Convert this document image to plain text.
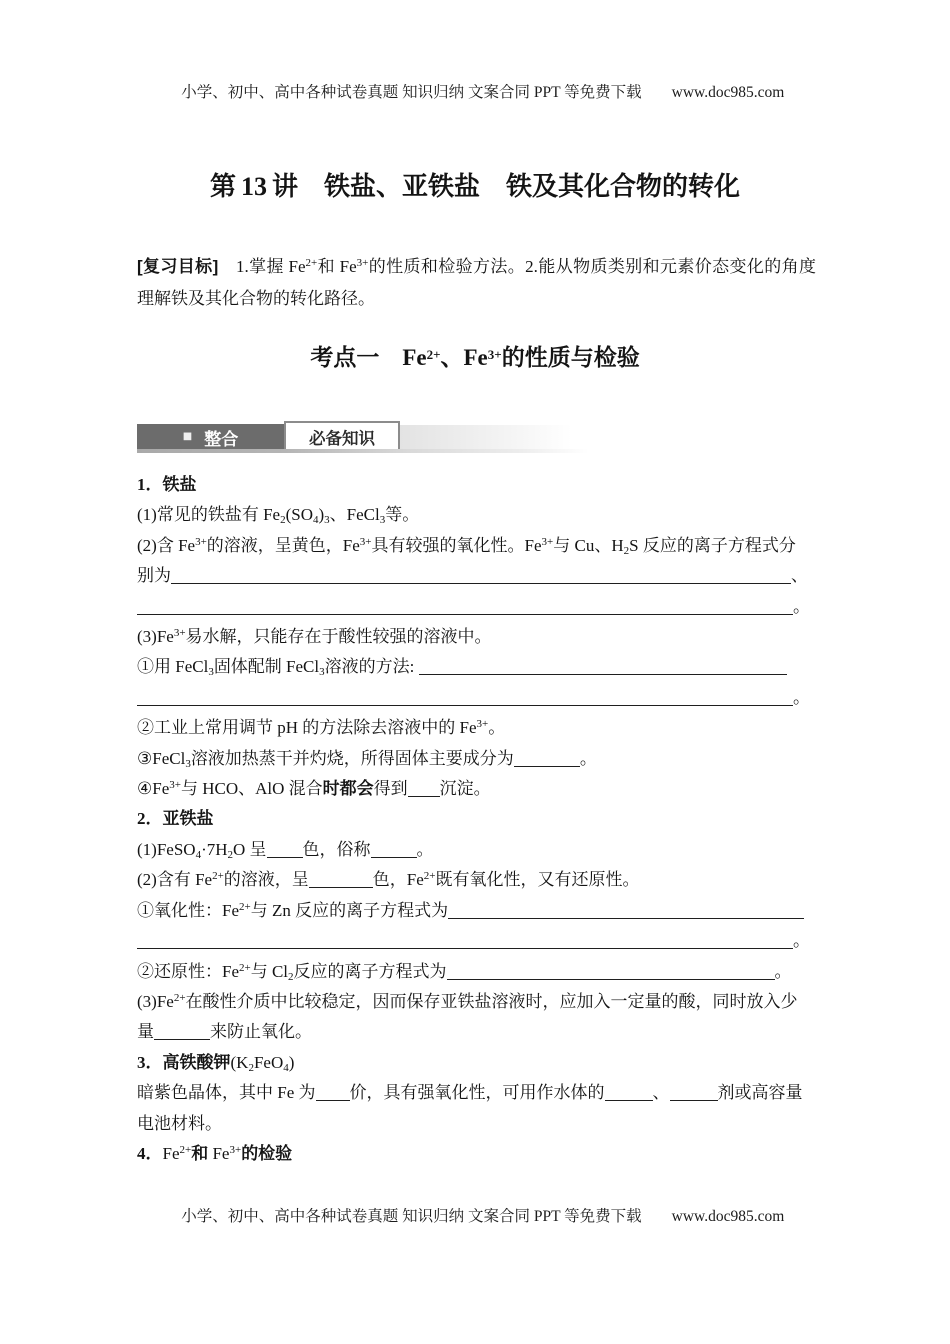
小学、初中、高中各种试卷真题 知识归纳 文案合同 PPT 等免费下载 www.doc985.com

第 13 讲　铁盐、亚铁盐　铁及其化合物的转化
[复习目标]　1.掌握 $Fe^{2+}$和 $Fe^{3+}$的性质和检验方法。2.能从物质类别和元素价态变化的角度理解铁及其化合物的转化路径。
考点一　$Fe^{2+}$、$Fe^{3+}$的性质与检验
■ 整合	必备知识
1．铁盐
(1)常见的铁盐有 $Fe_2(SO_4)_3$、FeCl$_3$等。
(2)含 $Fe^{3+}$的溶液，呈黄色，$Fe^{3+}$具有较强的氧化性。$Fe^{3+}$与 Cu、$H_2S$ 反应的离子方程式分
别为	、
。
$(3)Fe^{3+}$易水解，只能存在于酸性较强的溶液中。
①用 FeCl$_3$固体配制 FeCl$_3$溶液的方法:
。
②工业上常用调节 pH 的方法除去溶液中的 $Fe^{3+}$。
③FeCl$_3$溶液加热蒸干并灼烧，所得固体主要成分为	。
$④Fe^{3+}$与 HCO、AlO 混合时都会得到 沉淀。
2．亚铁盐
$(1)FeSO_4\cdot 7H_2O$ 呈 色，俗称	。
(2)含有 $Fe^{2+}$的溶液，呈	色，$Fe^{2+}$既有氧化性，又有还原性。
①氧化性：$Fe^{2+}$与 Zn 反应的离子方程式为
。
②还原性：$Fe^{2+}$与 $Cl_2$反应的离子方程式为	。
$(3)Fe^{2+}$在酸性介质中比较稳定，因而保存亚铁盐溶液时，应加入一定量的酸，同时放入少
量	来防止氧化。
3．高铁酸钾$(K_2FeO_4)$
暗紫色晶体，其中 Fe 为 价，具有强氧化性，可用作水体的	、	剂或高容量
电池材料。
4．$Fe^{2+}$和 $Fe^{3+}$的检验

小学、初中、高中各种试卷真题 知识归纳 文案合同 PPT 等免费下载 www.doc985.com
